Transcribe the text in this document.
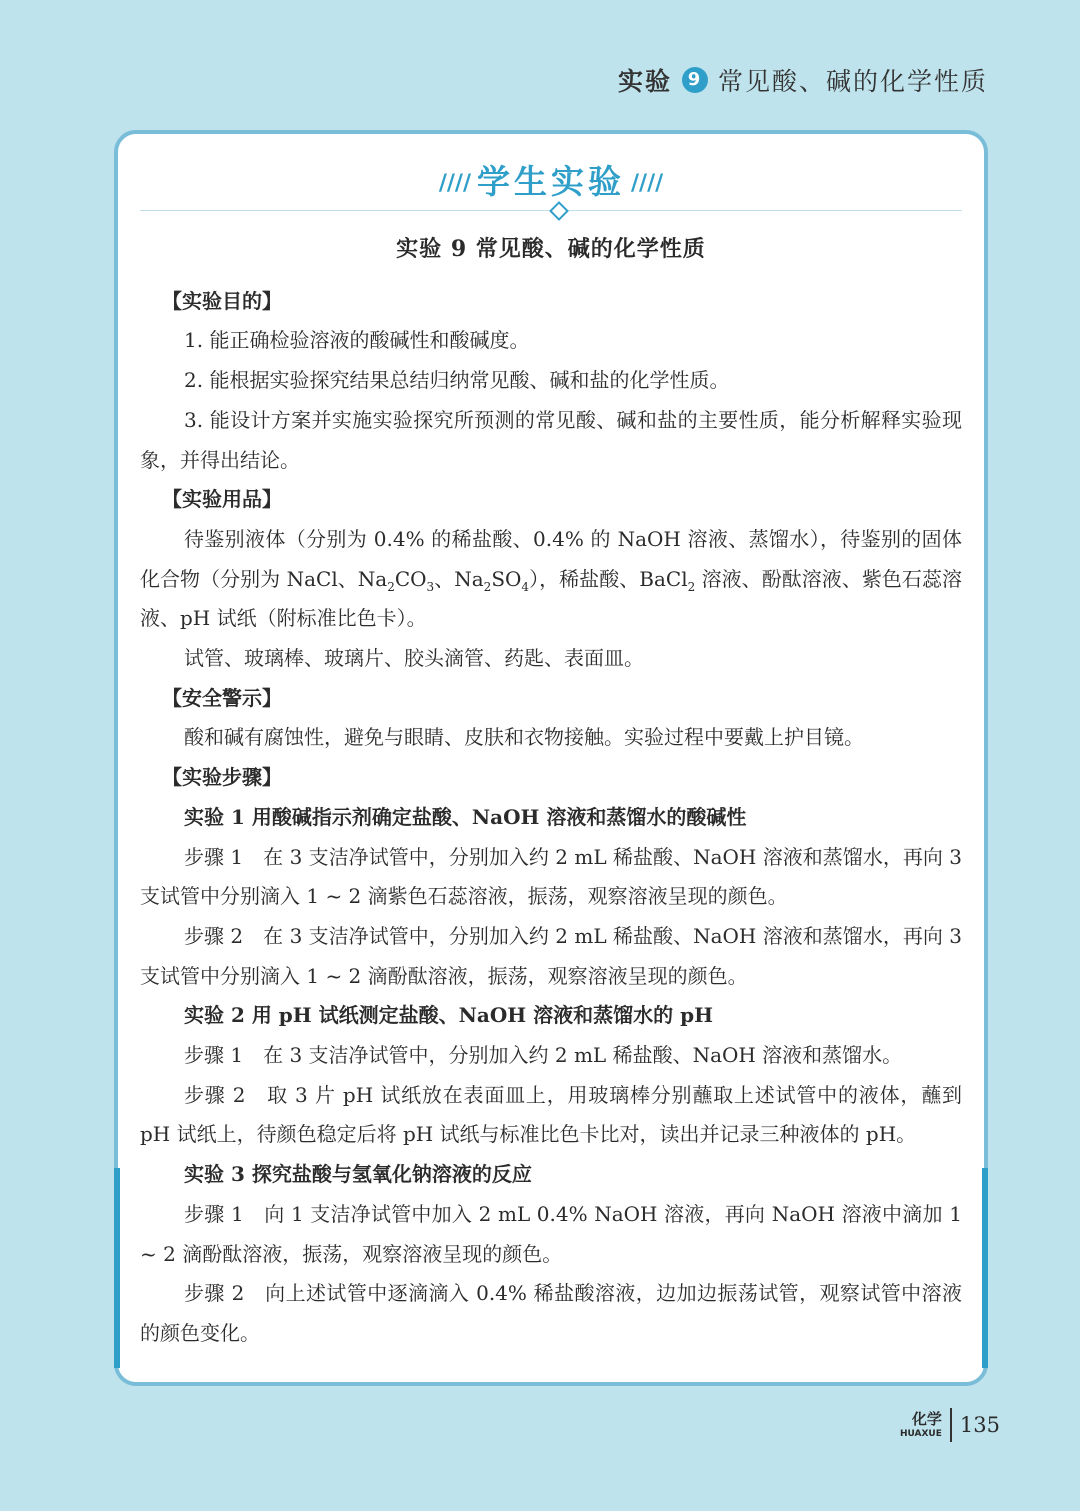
实验 9 常见酸、碱的化学性质
//// 学生实验 ////

实验 9 常见酸、碱的化学性质

【实验目的】

1. 能正确检验溶液的酸碱性和酸碱度。

2. 能根据实验探究结果总结归纳常见酸、碱和盐的化学性质。

3. 能设计方案并实施实验探究所预测的常见酸、碱和盐的主要性质，能分析解释实验现象，并得出结论。

【实验用品】

待鉴别液体（分别为 0.4% 的稀盐酸、0.4% 的 NaOH 溶液、蒸馏水），待鉴别的固体化合物（分别为 NaCl、$Na_2CO_3$、$Na_2SO_4$），稀盐酸、BaCl$_2$ 溶液、酚酞溶液、紫色石蕊溶液、pH 试纸（附标准比色卡）。

试管、玻璃棒、玻璃片、胶头滴管、药匙、表面皿。

【安全警示】

酸和碱有腐蚀性，避免与眼睛、皮肤和衣物接触。实验过程中要戴上护目镜。

【实验步骤】

实验 1 用酸碱指示剂确定盐酸、NaOH 溶液和蒸馏水的酸碱性

步骤 1　在 3 支洁净试管中，分别加入约 2 mL 稀盐酸、NaOH 溶液和蒸馏水，再向 3 支试管中分别滴入 1 ~ 2 滴紫色石蕊溶液，振荡，观察溶液呈现的颜色。

步骤 2　在 3 支洁净试管中，分别加入约 2 mL 稀盐酸、NaOH 溶液和蒸馏水，再向 3 支试管中分别滴入 1 ~ 2 滴酚酞溶液，振荡，观察溶液呈现的颜色。

实验 2 用 pH 试纸测定盐酸、NaOH 溶液和蒸馏水的 pH

步骤 1　在 3 支洁净试管中，分别加入约 2 mL 稀盐酸、NaOH 溶液和蒸馏水。

步骤 2　取 3 片 pH 试纸放在表面皿上，用玻璃棒分别蘸取上述试管中的液体，蘸到 pH 试纸上，待颜色稳定后将 pH 试纸与标准比色卡比对，读出并记录三种液体的 pH。

实验 3 探究盐酸与氢氧化钠溶液的反应

步骤 1　向 1 支洁净试管中加入 2 mL 0.4% NaOH 溶液，再向 NaOH 溶液中滴加 1 ~ 2 滴酚酞溶液，振荡，观察溶液呈现的颜色。

步骤 2　向上述试管中逐滴滴入 0.4% 稀盐酸溶液，边加边振荡试管，观察试管中溶液的颜色变化。

化学
HUAXUE 135
